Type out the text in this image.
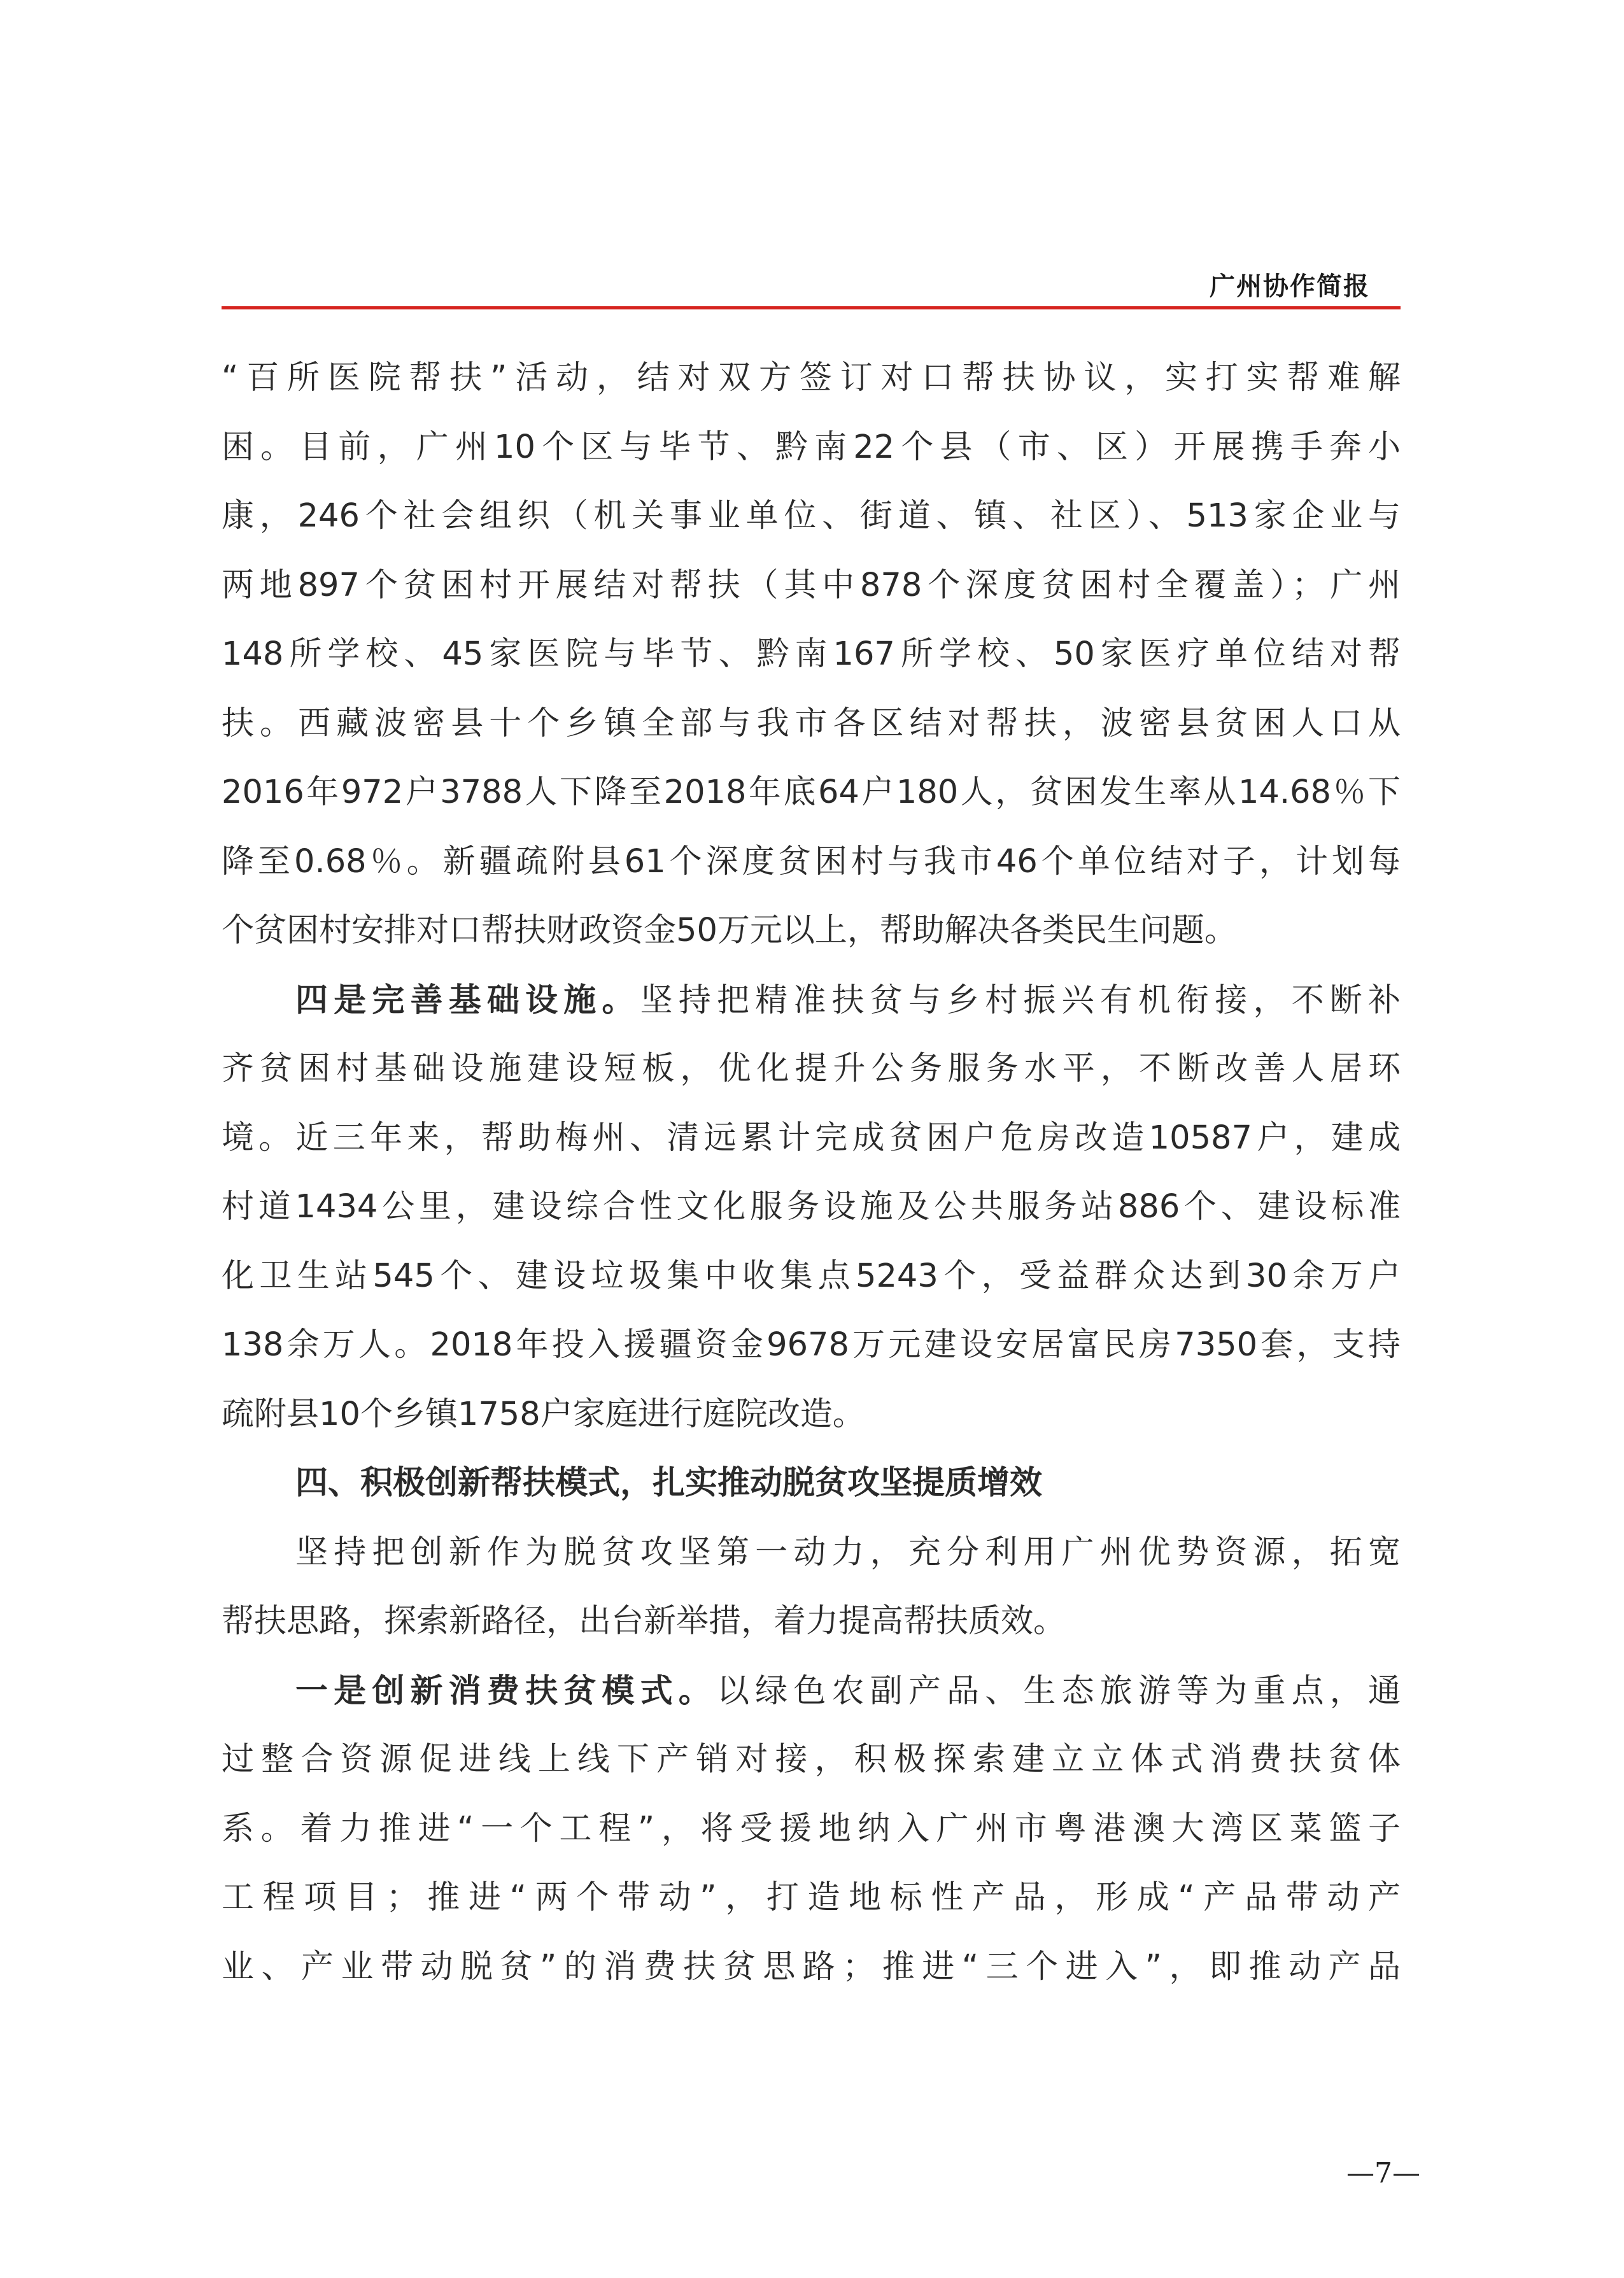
广州协作简报
“百所医院帮扶”活动，结对双方签订对口帮扶协议，实打实帮难解
困。目前，广州10个区与毕节、黔南22个县（市、区）开展携手奔小
康，246个社会组织（机关事业单位、街道、镇、社区）、513家企业与
两地897个贫困村开展结对帮扶（其中878个深度贫困村全覆盖）；广州
148所学校、45家医院与毕节、黔南167所学校、50家医疗单位结对帮
扶。西藏波密县十个乡镇全部与我市各区结对帮扶，波密县贫困人口从
2016年972户3788人下降至2018年底64户180人，贫困发生率从14.68％下
降至0.68％。新疆疏附县61个深度贫困村与我市46个单位结对子，计划每
个贫困村安排对口帮扶财政资金50万元以上，帮助解决各类民生问题。
四是完善基础设施。坚持把精准扶贫与乡村振兴有机衔接，不断补
齐贫困村基础设施建设短板，优化提升公务服务水平，不断改善人居环
境。近三年来，帮助梅州、清远累计完成贫困户危房改造10587户，建成
村道1434公里，建设综合性文化服务设施及公共服务站886个、建设标准
化卫生站545个、建设垃圾集中收集点5243个，受益群众达到30余万户
138余万人。2018年投入援疆资金9678万元建设安居富民房7350套，支持
疏附县10个乡镇1758户家庭进行庭院改造。
四、积极创新帮扶模式，扎实推动脱贫攻坚提质增效
坚持把创新作为脱贫攻坚第一动力，充分利用广州优势资源，拓宽
帮扶思路，探索新路径，出台新举措，着力提高帮扶质效。
一是创新消费扶贫模式。以绿色农副产品、生态旅游等为重点，通
过整合资源促进线上线下产销对接，积极探索建立立体式消费扶贫体
系。着力推进“一个工程”，将受援地纳入广州市粤港澳大湾区菜篮子
工程项目；推进“两个带动”，打造地标性产品，形成“产品带动产
业、产业带动脱贫”的消费扶贫思路；推进“三个进入”，即推动产品
—7—
